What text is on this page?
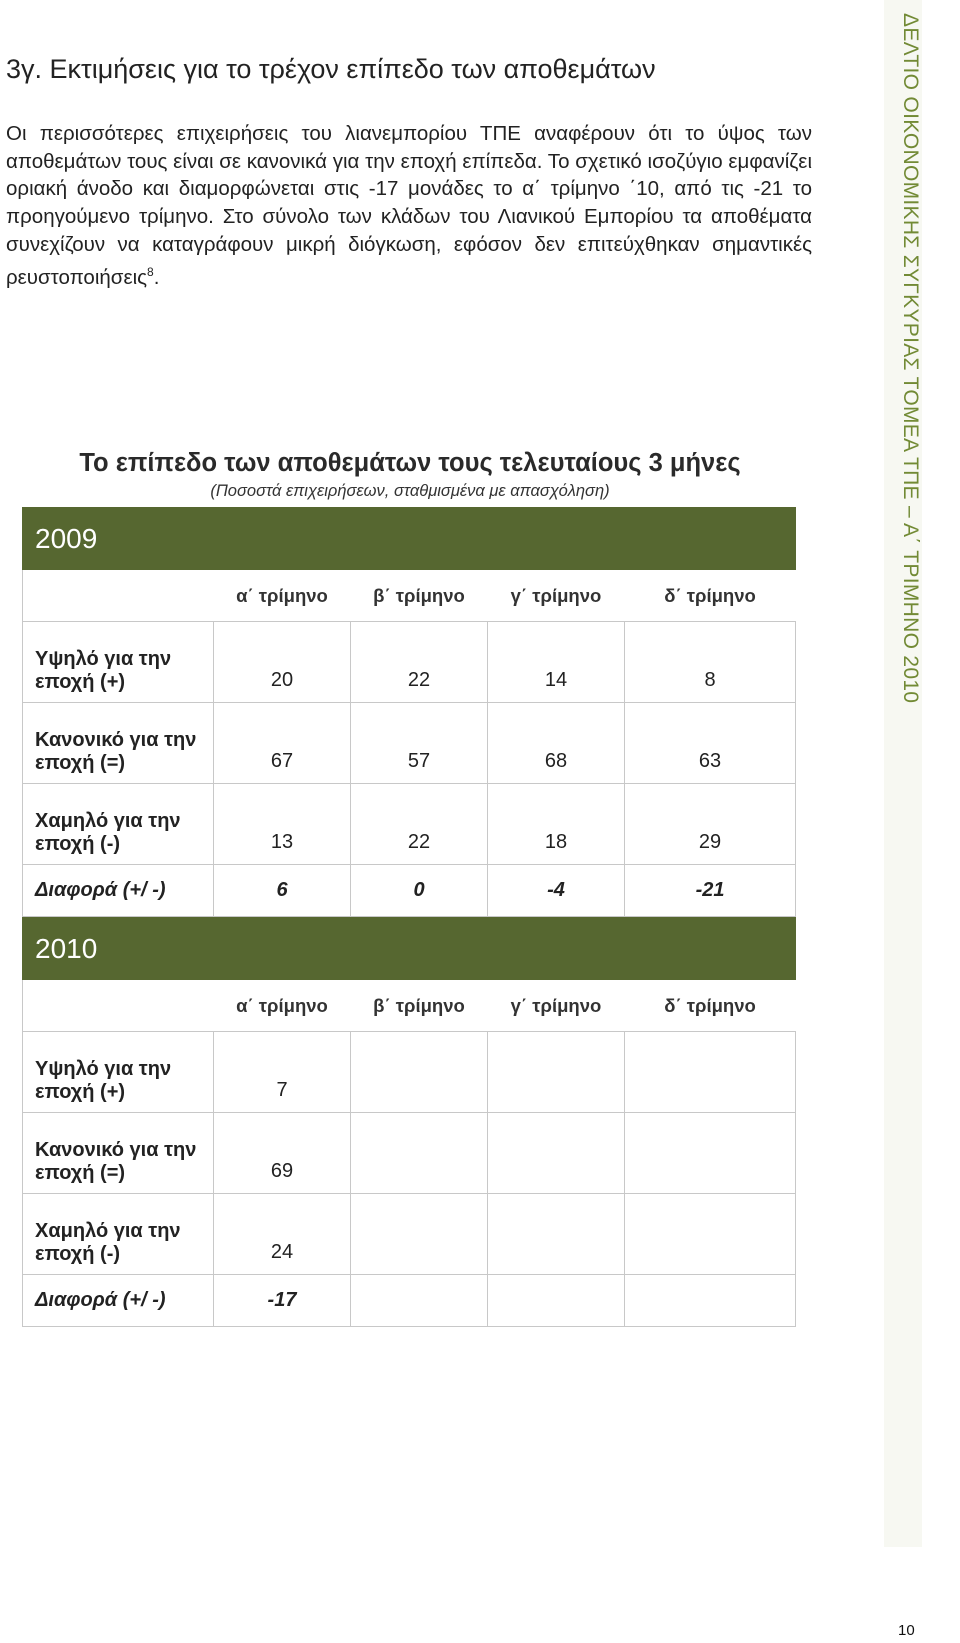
3γ. Εκτιμήσεις για το τρέχον επίπεδο των αποθεμάτων

Οι περισσότερες επιχειρήσεις του λιανεμπορίου ΤΠΕ αναφέρουν ότι το ύψος των αποθεμάτων τους είναι σε κανονικά για την εποχή επίπεδα. Το σχετικό ισοζύγιο εμφανίζει οριακή άνοδο και διαμορφώνεται στις -17 μονάδες το α΄ τρίμηνο ΄10, από τις -21 το προηγούμενο τρίμηνο. Στο σύνολο των κλάδων του Λιανικού Εμπορίου τα αποθέματα συνεχίζουν να καταγράφουν μικρή διόγκωση, εφόσον δεν επιτεύχθηκαν σημαντικές ρευστοποιήσεις$^8$.

Το επίπεδο των αποθεμάτων τους τελευταίους 3 μήνες
(Ποσοστά επιχειρήσεων, σταθμισμένα με απασχόληση)
2009				
	α΄ τρίμηνο	β΄ τρίμηνο	γ΄ τρίμηνο	δ΄ τρίμηνο
Υψηλό για την
εποχή (+)	20	22	14	8
Κανονικό για την
εποχή (=)	67	57	68	63
Χαμηλό για την
εποχή (-)	13	22	18	29
Διαφορά (+/ -)	6	0	-4	-21
2010				
	α΄ τρίμηνο	β΄ τρίμηνο	γ΄ τρίμηνο	δ΄ τρίμηνο
Υψηλό για την
εποχή (+)	7			
Κανονικό για την
εποχή (=)	69			
Χαμηλό για την
εποχή (-)	24			
Διαφορά (+/ -)	-17			
ΔΕΛΤΙΟ ΟΙΚΟΝΟΜΙΚΗΣ ΣΥΓΚΥΡΙΑΣ ΤΟΜΕΑ ΤΠΕ – Α΄ ΤΡΙΜΗΝΟ 2010
10
